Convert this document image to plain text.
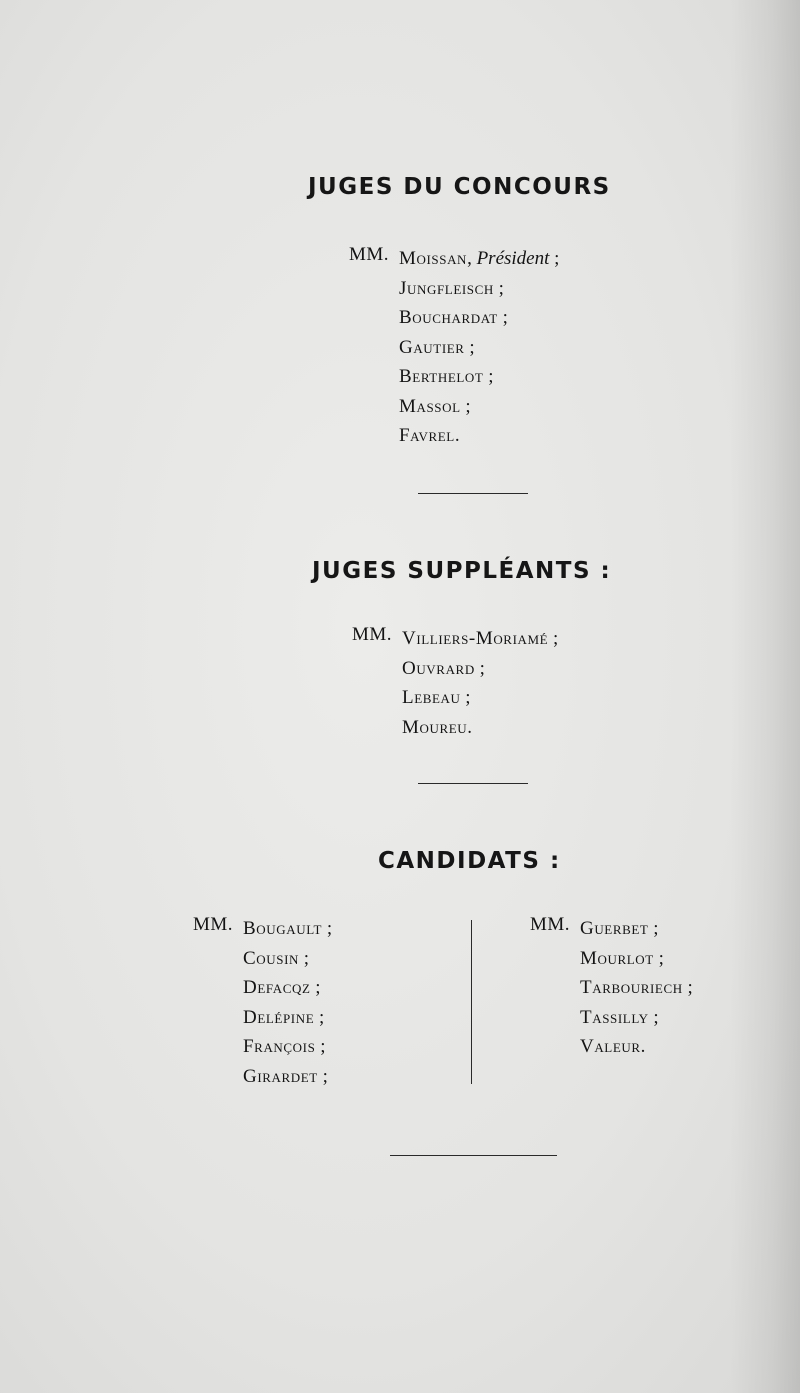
JUGES DU CONCOURS
MM. Moissan, Président ;
Jungfleisch ;
Bouchardat ;
Gautier ;
Berthelot ;
Massol ;
Favrel.
JUGES SUPPLÉANTS :
MM. Villiers-Moriamé ;
Ouvrard ;
Lebeau ;
Moureu.
CANDIDATS :
MM. Bougault ;
Cousin ;
Defacqz ;
Delépine ;
François ;
Girardet ;
MM. Guerbet ;
Mourlot ;
Tarbouriech ;
Tassilly ;
Valeur.
